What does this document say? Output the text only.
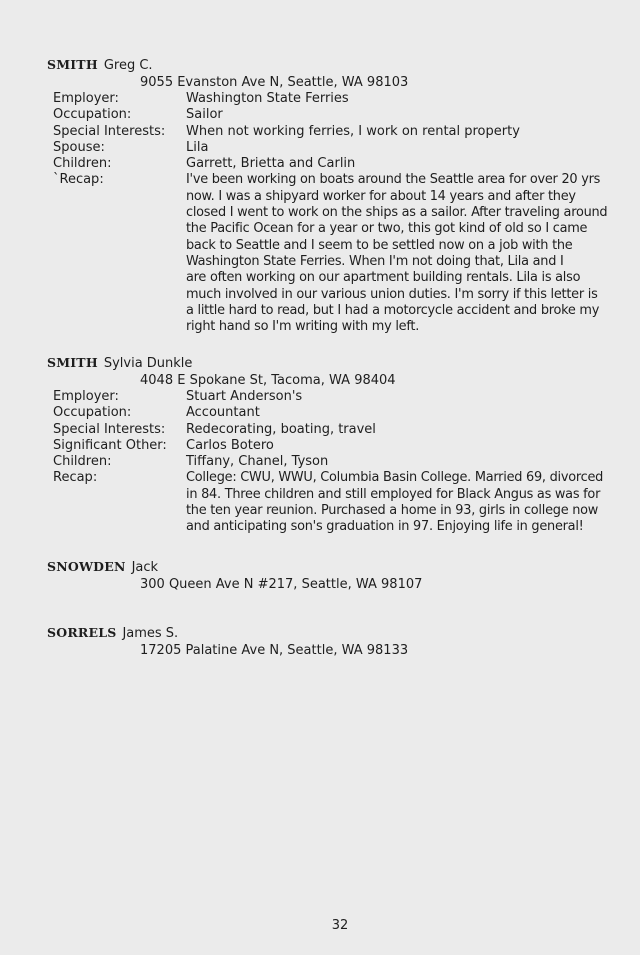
SMITH Greg C.
9055 Evanston Ave N, Seattle, WA 98103
Employer:	Washington State Ferries
Occupation:	Sailor
Special Interests:	When not working ferries, I work on rental property
Spouse:	Lila
Children:	Garrett, Brietta and Carlin
`Recap:	I've been working on boats around the Seattle area for over 20 yrs
now. I was a shipyard worker for about 14 years and after they
closed I went to work on the ships as a sailor. After traveling around
the Pacific Ocean for a year or two, this got kind of old so I came
back to Seattle and I seem to be settled now on a job with the
Washington State Ferries. When I'm not doing that, Lila and I
are often working on our apartment building rentals. Lila is also
much involved in our various union duties. I'm sorry if this letter is
a little hard to read, but I had a motorcycle accident and broke my
right hand so I'm writing with my left.
SMITH Sylvia Dunkle
4048 E Spokane St, Tacoma, WA 98404
Employer:	Stuart Anderson's
Occupation:	Accountant
Special Interests:	Redecorating, boating, travel
Significant Other:	Carlos Botero
Children:	Tiffany, Chanel, Tyson
Recap:	College: CWU, WWU, Columbia Basin College. Married 69, divorced
in 84. Three children and still employed for Black Angus as was for
the ten year reunion. Purchased a home in 93, girls in college now
and anticipating son's graduation in 97. Enjoying life in general!
SNOWDEN Jack
300 Queen Ave N #217, Seattle, WA 98107
SORRELS James S.
17205 Palatine Ave N, Seattle, WA 98133
32
